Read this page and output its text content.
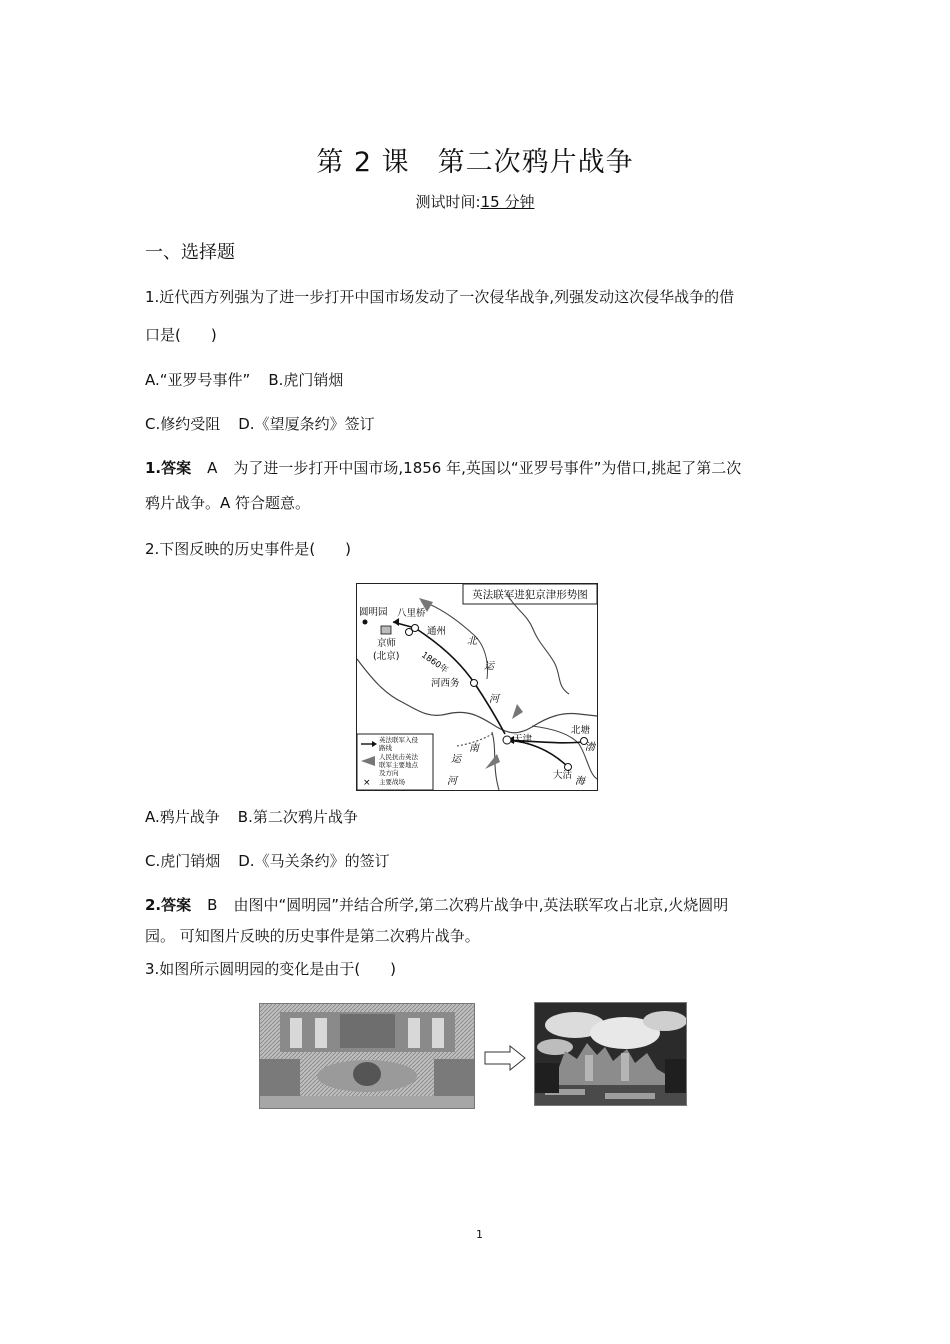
第 2 课　第二次鸦片战争
测试时间:15 分钟
一、选择题
1.近代西方列强为了进一步打开中国市场发动了一次侵华战争,列强发动这次侵华战争的借
口是(　　)
A.“亚罗号事件” B.虎门销烟
C.修约受阻 D.《望厦条约》签订
1.答案 A 为了进一步打开中国市场,1856 年,英国以“亚罗号事件”为借口,挑起了第二次
鸦片战争。A 符合题意。
2.下图反映的历史事件是(　　)
英法联军进犯京津形势图
圆明园 八里桥
通州
京师
(北京) 1860年
河西务
天津
北塘
大沽
北
运
河
南
运
河
渤
海
英法联军入侵
路线
人民抗击英法
联军主要地点
及方向
× 主要战场
A.鸦片战争 B.第二次鸦片战争
C.虎门销烟 D.《马关条约》的签订
2.答案 B 由图中“圆明园”并结合所学,第二次鸦片战争中,英法联军攻占北京,火烧圆明
园。 可知图片反映的历史事件是第二次鸦片战争。
3.如图所示圆明园的变化是由于(　　)
1
